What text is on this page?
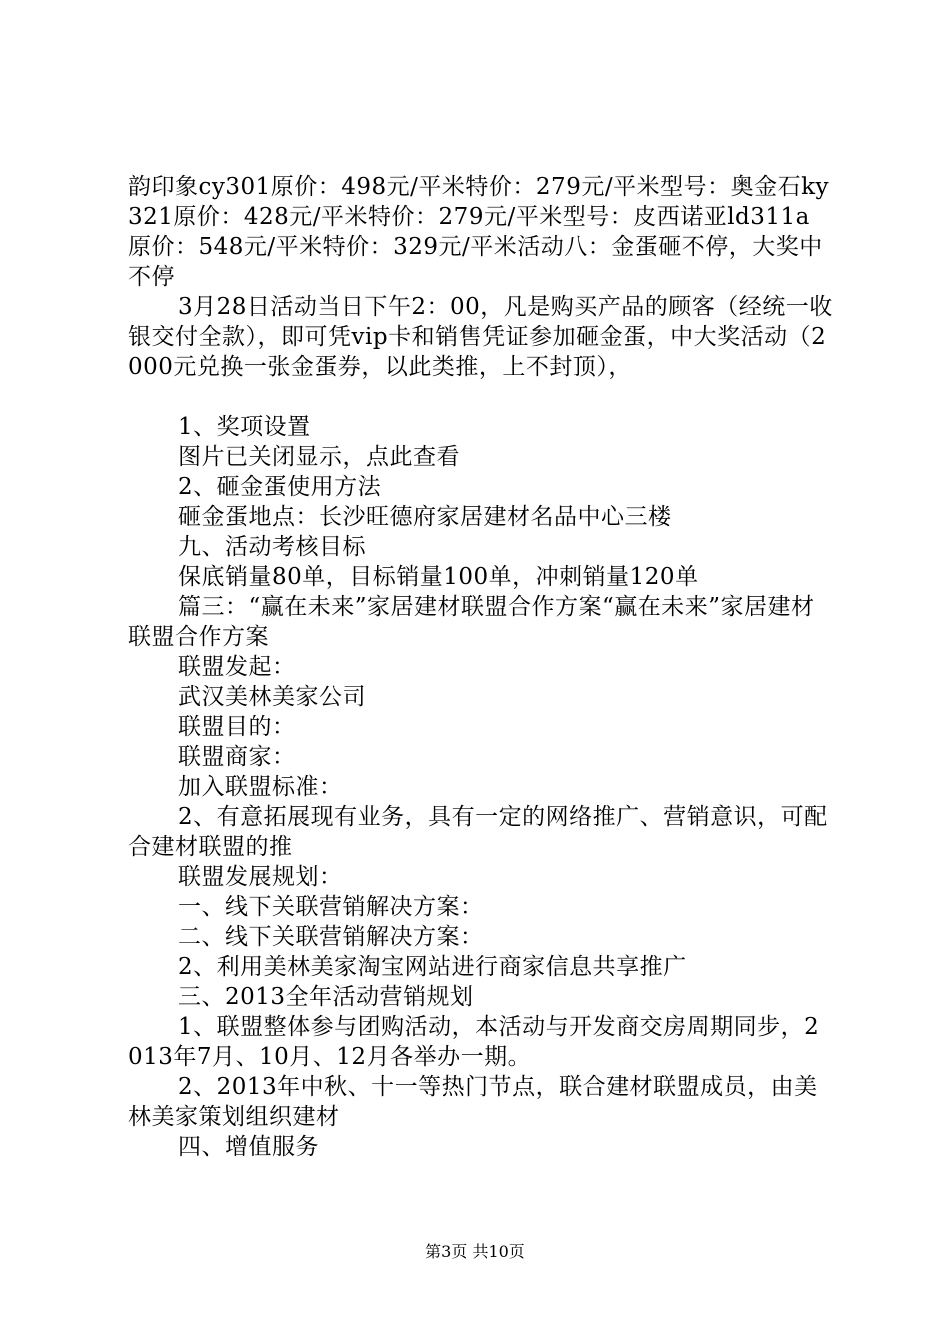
韵印象cy301原价：498元/平米特价：279元/平米型号：奥金石ky321原价：428元/平米特价：279元/平米型号：皮西诺亚ld311a原价：548元/平米特价：329元/平米活动八：金蛋砸不停，大奖中不停

3月28日活动当日下午2：00，凡是购买产品的顾客（经统一收银交付全款），即可凭vip卡和销售凭证参加砸金蛋，中大奖活动（2000元兑换一张金蛋券，以此类推，上不封顶），

1、奖项设置

图片已关闭显示，点此查看

2、砸金蛋使用方法

砸金蛋地点：长沙旺德府家居建材名品中心三楼

九、活动考核目标

保底销量80单，目标销量100单，冲刺销量120单

篇三：“赢在未来”家居建材联盟合作方案“赢在未来”家居建材联盟合作方案

联盟发起：

武汉美林美家公司

联盟目的：

联盟商家：

加入联盟标准：

2、有意拓展现有业务，具有一定的网络推广、营销意识，可配合建材联盟的推

联盟发展规划：

一、线下关联营销解决方案：

二、线下关联营销解决方案：

2、利用美林美家淘宝网站进行商家信息共享推广

三、2013全年活动营销规划

1、联盟整体参与团购活动，本活动与开发商交房周期同步，2013年7月、10月、12月各举办一期。

2、2013年中秋、十一等热门节点，联合建材联盟成员，由美林美家策划组织建材

四、增值服务

第3页 共10页
